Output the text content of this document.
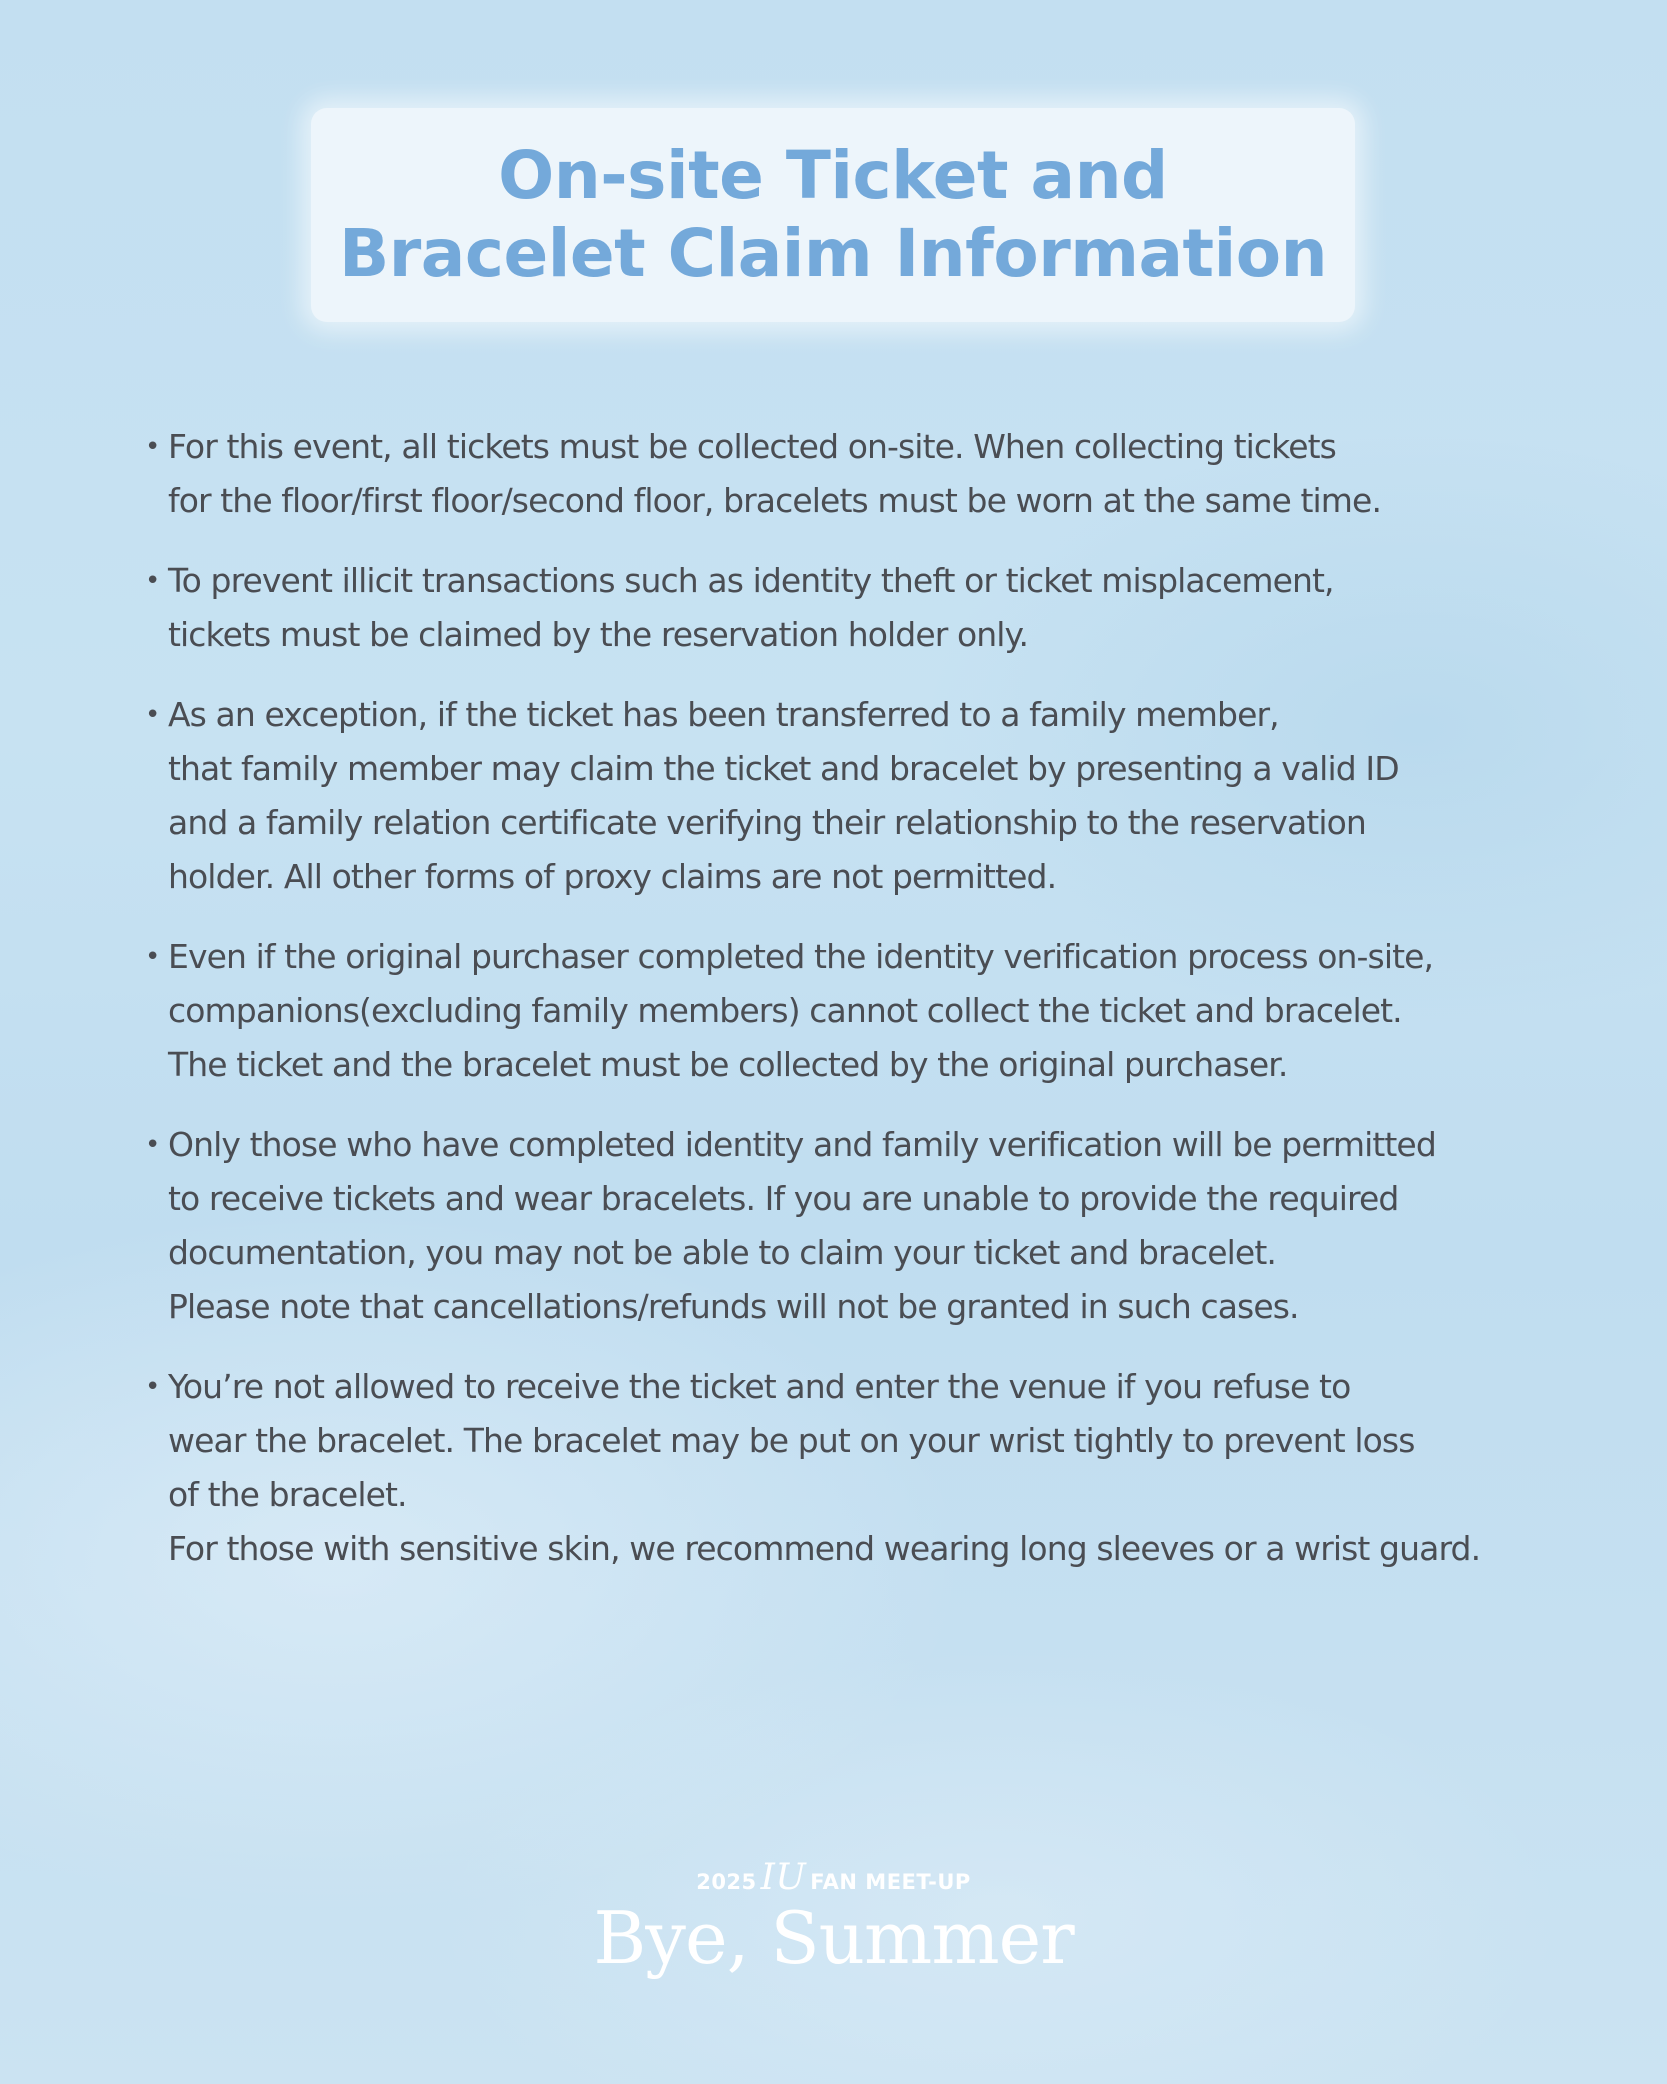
On-site Ticket and
Bracelet Claim Information
• For this event, all tickets must be collected on-site. When collecting tickets
for the floor/first floor/second floor, bracelets must be worn at the same time.
• To prevent illicit transactions such as identity theft or ticket misplacement,
tickets must be claimed by the reservation holder only.
• As an exception, if the ticket has been transferred to a family member,
that family member may claim the ticket and bracelet by presenting a valid ID
and a family relation certificate verifying their relationship to the reservation
holder. All other forms of proxy claims are not permitted.
• Even if the original purchaser completed the identity verification process on-site,
companions(excluding family members) cannot collect the ticket and bracelet.
The ticket and the bracelet must be collected by the original purchaser.
• Only those who have completed identity and family verification will be permitted
to receive tickets and wear bracelets. If you are unable to provide the required
documentation, you may not be able to claim your ticket and bracelet.
Please note that cancellations/refunds will not be granted in such cases.
• You’re not allowed to receive the ticket and enter the venue if you refuse to
wear the bracelet. The bracelet may be put on your wrist tightly to prevent loss
of the bracelet.
For those with sensitive skin, we recommend wearing long sleeves or a wrist guard.
2025 IU FAN MEET-UP
Bye, Summer
